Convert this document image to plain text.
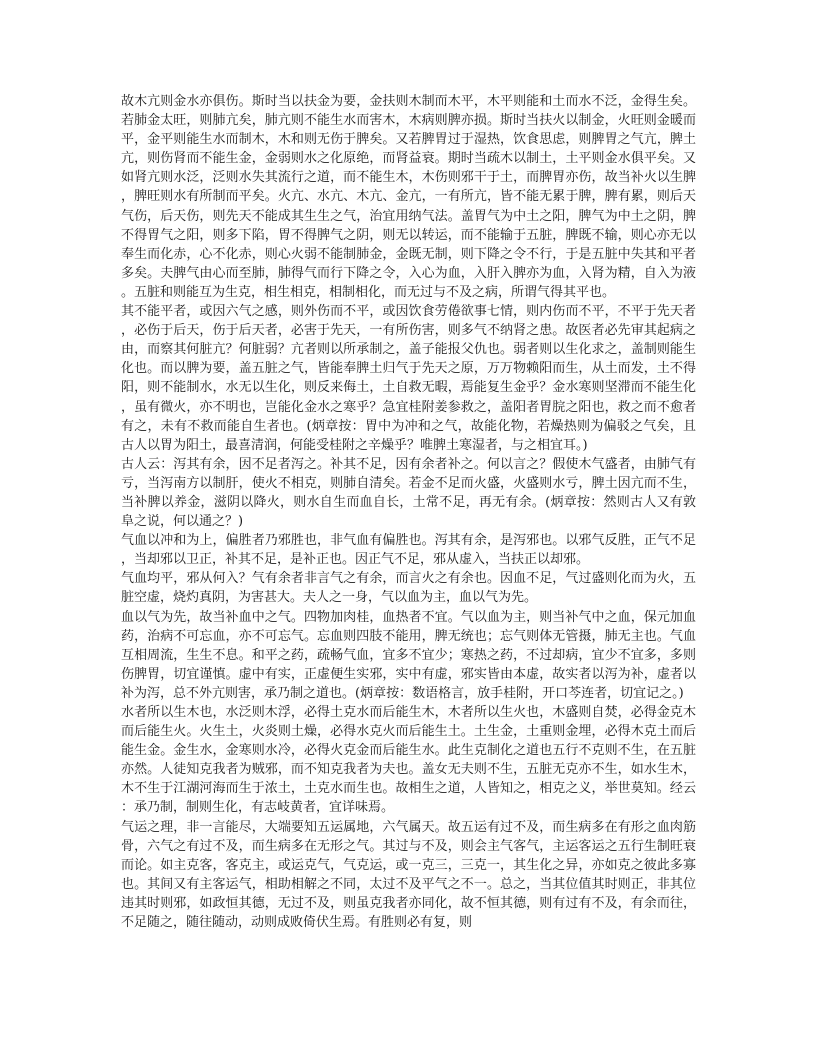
故木亢则金水亦俱伤。斯时当以扶金为要，金扶则木制而木平，木平则能和土而水不泛，金得生矣。若肺金太旺，则肺亢矣，肺亢则不能生水而害木，木病则脾亦损。斯时当扶火以制金，火旺则金暖而平，金平则能生水而制木，木和则无伤于脾矣。又若脾胃过于湿热，饮食思虑，则脾胃之气亢，脾土亢，则伤肾而不能生金，金弱则水之化原绝，而肾益衰。期时当疏木以制土，土平则金水俱平矣。又如肾亢则水泛，泛则水失其流行之道，而不能生木，木伤则邪干于土，而脾胃亦伤，故当补火以生脾，脾旺则水有所制而平矣。火亢、水亢、木亢、金亢，一有所亢，皆不能无累于脾，脾有累，则后天气伤，后天伤，则先天不能成其生生之气，治宜用纳气法。盖胃气为中土之阳，脾气为中土之阴，脾不得胃气之阳，则多下陷，胃不得脾气之阴，则无以转运，而不能输于五脏，脾既不输，则心亦无以奉生而化赤，心不化赤，则心火弱不能制肺金，金既无制，则下降之令不行，于是五脏中失其和平者多矣。夫脾气由心而至肺，肺得气而行下降之令，入心为血，入肝入脾亦为血，入肾为精，自入为液。五脏和则能互为生克，相生相克，相制相化，而无过与不及之病，所谓气得其平也。

其不能平者，或因六气之感，则外伤而不平，或因饮食劳倦欲事七情，则内伤而不平，不平于先天者，必伤于后天，伤于后天者，必害于先天，一有所伤害，则多气不纳肾之患。故医者必先审其起病之由，而察其何脏亢？何脏弱？亢者则以所承制之，盖子能报父仇也。弱者则以生化求之，盖制则能生化也。而以脾为要，盖五脏之气，皆能奉脾土归气于先天之原，万万物赖阳而生，从土而发，土不得阳，则不能制水，水无以生化，则反来侮土，土自救无暇，焉能复生金乎？金水寒则坚滞而不能生化，虽有微火，亦不明也，岂能化金水之寒乎？急宜桂附姜参救之，盖阳者胃脘之阳也，救之而不愈者有之，未有不救而能自生者也。(炳章按：胃中为冲和之气，故能化物，若燥热则为偏驳之气矣，且古人以胃为阳土，最喜清润，何能受桂附之辛燥乎？唯脾土寒湿者，与之相宜耳。)

古人云：泻其有余，因不足者泻之。补其不足，因有余者补之。何以言之？假使木气盛者，由肺气有亏，当泻南方以制肝，使火不相克，则肺自清矣。若金不足而火盛，火盛则水亏，脾土因亢而不生，当补脾以养金，滋阴以降火，则水自生而血自长，土常不足，再无有余。(炳章按：然则古人又有敦阜之说，何以通之？)

气血以冲和为上，偏胜者乃邪胜也，非气血有偏胜也。泻其有余，是泻邪也。以邪气反胜，正气不足，当却邪以卫正，补其不足，是补正也。因正气不足，邪从虚入，当扶正以却邪。

气血均平，邪从何入？气有余者非言气之有余，而言火之有余也。因血不足，气过盛则化而为火，五脏空虚，烧灼真阴，为害甚大。夫人之一身，气以血为主，血以气为先。

血以气为先，故当补血中之气。四物加肉桂，血热者不宜。气以血为主，则当补气中之血，保元加血药，治病不可忘血，亦不可忘气。忘血则四肢不能用，脾无统也；忘气则体无管摄，肺无主也。气血互相周流，生生不息。和平之药，疏畅气血，宜多不宜少；寒热之药，不过却病，宜少不宜多，多则伤脾胃，切宜谨慎。虚中有实，正虚便生实邪，实中有虚，邪实皆由本虚，故实者以泻为补，虚者以补为泻，总不外亢则害，承乃制之道也。(炳章按：数语格言，放手桂附，开口芩连者，切宜记之。)

水者所以生木也，水泛则木浮，必得土克水而后能生木，木者所以生火也，木盛则自焚，必得金克木而后能生火。火生土，火炎则土燥，必得水克火而后能生土。土生金，土重则金埋，必得木克土而后能生金。金生水，金寒则水冷，必得火克金而后能生水。此生克制化之道也五行不克则不生，在五脏亦然。人徒知克我者为贼邪，而不知克我者为夫也。盖女无夫则不生，五脏无克亦不生，如水生木，木不生于江湖河海而生于浓土，土克水而生也。故相生之道，人皆知之，相克之义，举世莫知。经云：承乃制，制则生化，有志岐黄者，宜详味焉。

气运之理，非一言能尽，大端要知五运属地，六气属天。故五运有过不及，而生病多在有形之血肉筋骨，六气之有过不及，而生病多在无形之气。其过与不及，则会主气客气，主运客运之五行生制旺衰而论。如主克客，客克主，或运克气，气克运，或一克三，三克一，其生化之异，亦如克之彼此多寡也。其间又有主客运气，相助相解之不同，太过不及平气之不一。总之，当其位值其时则正，非其位违其时则邪，如政恒其德，无过不及，则虽克我者亦同化，故不恒其德，则有过有不及，有余而往，不足随之，随往随动，动则成败倚伏生焉。有胜则必有复，则
